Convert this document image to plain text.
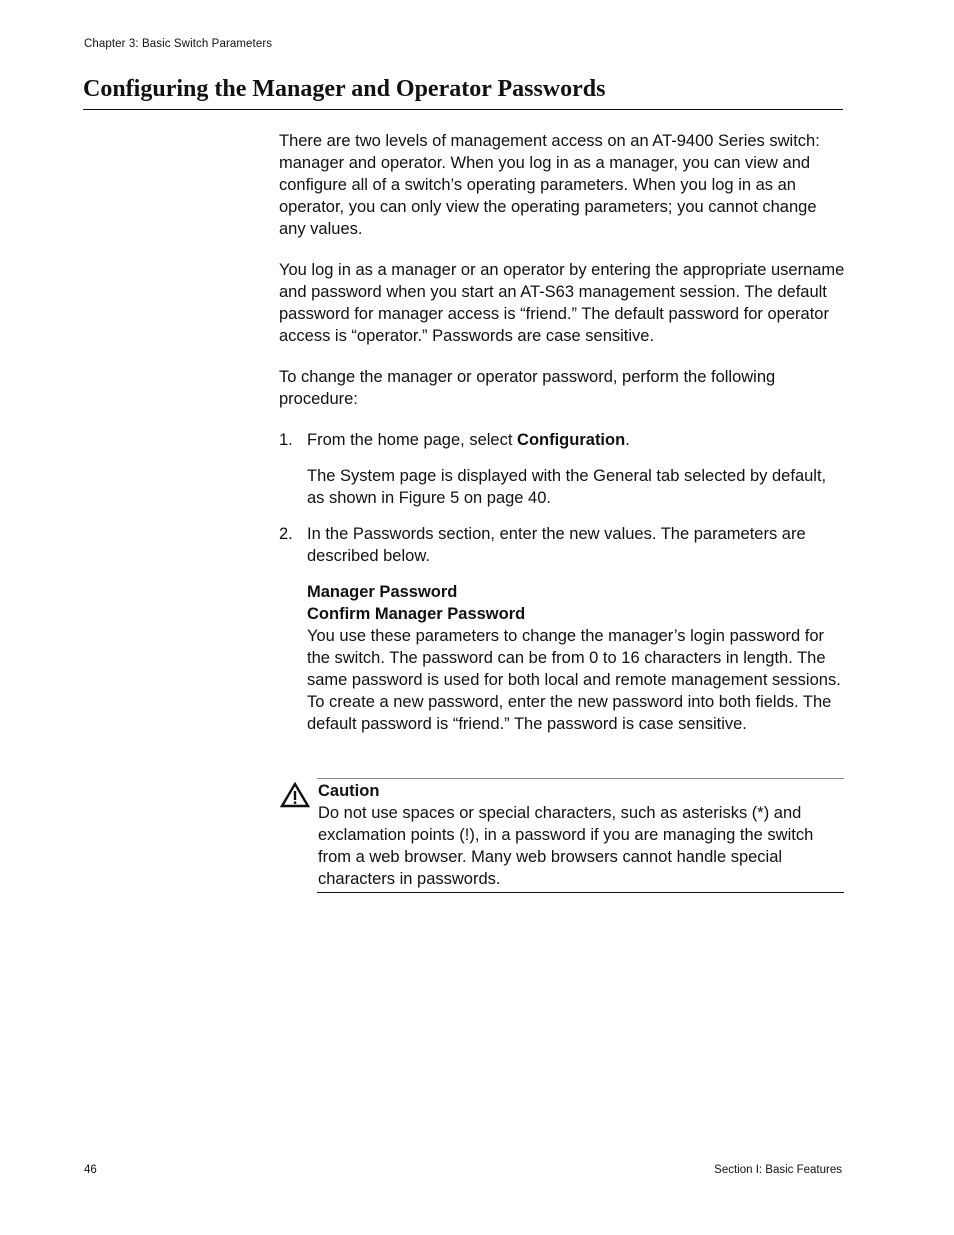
Chapter 3: Basic Switch Parameters
Configuring the Manager and Operator Passwords

There are two levels of management access on an AT-9400 Series switch: manager and operator. When you log in as a manager, you can view and configure all of a switch’s operating parameters. When you log in as an operator, you can only view the operating parameters; you cannot change any values.

You log in as a manager or an operator by entering the appropriate username and password when you start an AT-S63 management session. The default password for manager access is “friend.” The default password for operator access is “operator.” Passwords are case sensitive.

To change the manager or operator password, perform the following procedure:

1. From the home page, select Configuration.

The System page is displayed with the General tab selected by default, as shown in Figure 5 on page 40.

2. In the Passwords section, enter the new values. The parameters are described below.

Manager Password
Confirm Manager Password

You use these parameters to change the manager’s login password for the switch. The password can be from 0 to 16 characters in length. The same password is used for both local and remote management sessions. To create a new password, enter the new password into both fields. The default password is “friend.” The password is case sensitive.

Caution
Do not use spaces or special characters, such as asterisks (*) and exclamation points (!), in a password if you are managing the switch from a web browser. Many web browsers cannot handle special characters in passwords.
46	Section I: Basic Features
